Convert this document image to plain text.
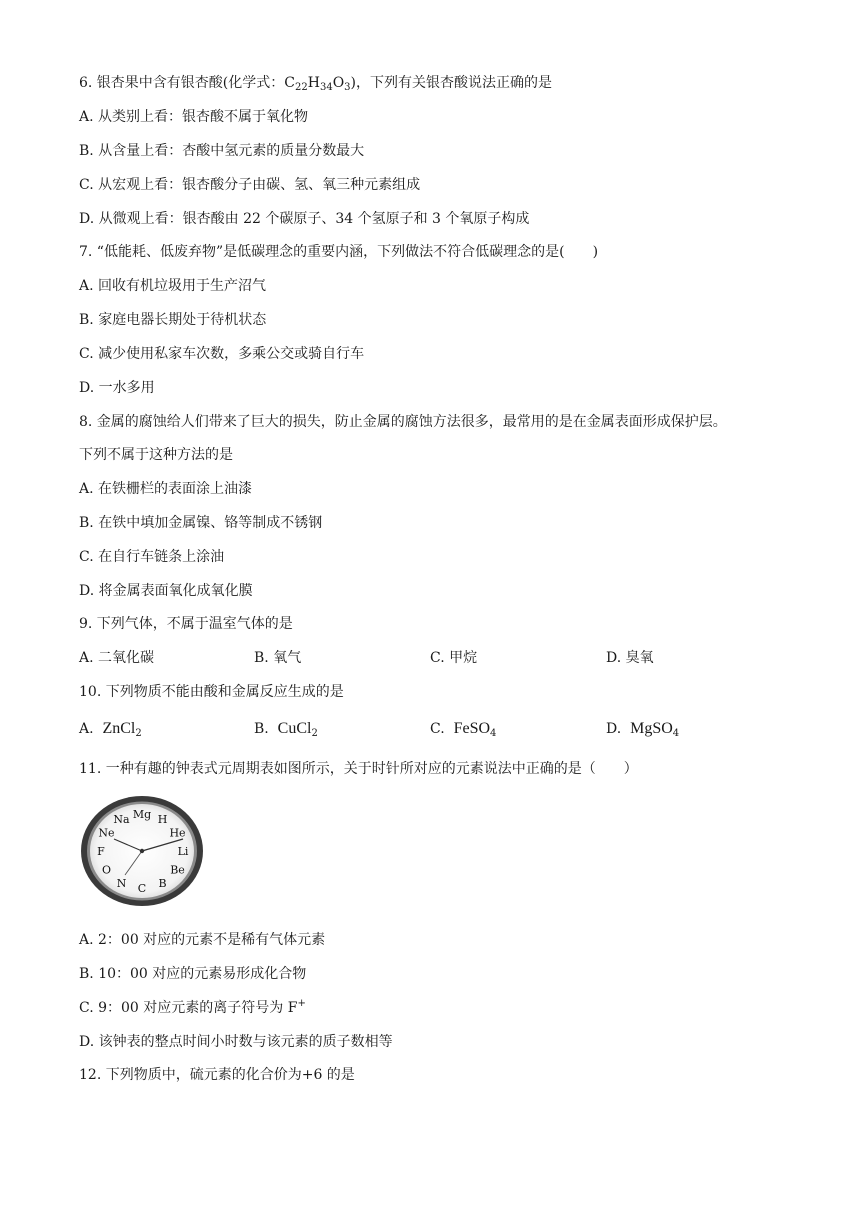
6. 银杏果中含有银杏酸(化学式：$C_{22}H_{34}O_3$)，下列有关银杏酸说法正确的是
A. 从类别上看：银杏酸不属于氧化物
B. 从含量上看：杏酸中氢元素的质量分数最大
C. 从宏观上看：银杏酸分子由碳、氢、氧三种元素组成
D. 从微观上看：银杏酸由 22 个碳原子、34 个氢原子和 3 个氧原子构成
7. “低能耗、低废弃物”是低碳理念的重要内涵，下列做法不符合低碳理念的是(　　)
A. 回收有机垃圾用于生产沼气
B. 家庭电器长期处于待机状态
C. 减少使用私家车次数，多乘公交或骑自行车
D. 一水多用
8. 金属的腐蚀给人们带来了巨大的损失，防止金属的腐蚀方法很多，最常用的是在金属表面形成保护层。
下列不属于这种方法的是
A. 在铁栅栏的表面涂上油漆
B. 在铁中填加金属镍、铬等制成不锈钢
C. 在自行车链条上涂油
D. 将金属表面氧化成氧化膜
9. 下列气体，不属于温室气体的是
A. 二氧化碳	B. 氧气	C. 甲烷	D. 臭氧
10. 下列物质不能由酸和金属反应生成的是
A. ZnCl$_2$	B. CuCl$_2$	C. FeSO$_4$	D. MgSO$_4$
11. 一种有趣的钟表式元周期表如图所示，关于时针所对应的元素说法中正确的是（　　）
H
He
Li
Be
B
C
N
O
F
Ne
Na Mg
A. 2：00 对应的元素不是稀有气体元素
B. 10：00 对应的元素易形成化合物
C. 9：00 对应元素的离子符号为 F+
D. 该钟表的整点时间小时数与该元素的质子数相等
12. 下列物质中，硫元素的化合价为+6 的是
